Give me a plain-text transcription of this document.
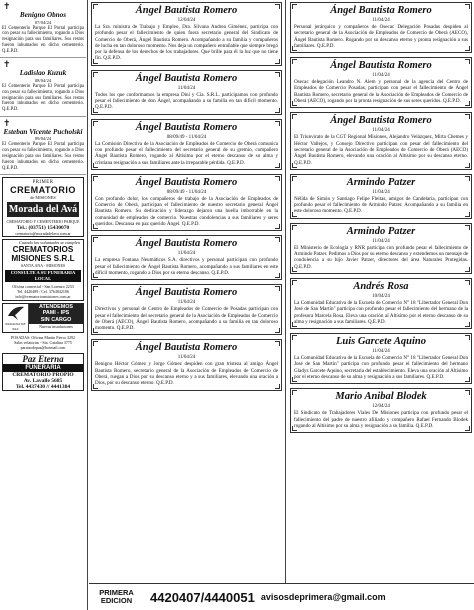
✝
Benigno Obnos
07/04/24
El Cementerio Parque El Portal participa con pesar su fallecimiento, rogando a Dios resignación para sus familiares. Sus restos fueron inhumados en dicho cementerio. Q.E.P.D.
✝
Ladislao Kuzuk
08/04/24
El Cementerio Parque El Portal participa con pesar su fallecimiento, rogando a Dios resignación para sus familiares. Sus restos fueron inhumados en dicho cementerio. Q.E.P.D.
✝
Esteban Vicente Pucholski
09/04/24
El Cementerio Parque El Portal participa con pesar su fallecimiento, rogando a Dios resignación para sus familiares. Sus restos fueron inhumados en dicho cementerio. Q.E.P.D.
PRIMER
CREMATORIO
de MISIONES
Morada del Avá
CREMATORIO Y CEMENTERIO PARQUE
Tel.: (03751) 15430070
crematorio@moradadelava.com.ar
Cuando las voluntades se cumplen
CREMATORIOS MISIONES S.R.L
SANTA ANA - MISIONES
CONSULTE A SU FUNERARIA LOCAL
Oficina comercial - San Lorenzo 2233
Tel. 4420489 / Cel. 3764842186
info@crematoriosmisiones.com.ar
PARAISO DE PAZ
ATENDEMOS
PAMI - IPS
SIN CARGO
Nuevas instalaciones
POSADAS: Oficina Martín Fierro 3292
Salas velatorias - Sta. Catalina 3775
paraisodepaz@hotmail.com
Paz Eterna
FUNERARIA
CREMATORIO PROPIO
Av. Lavalle 5685
Tel. 4437430 // 4441384
Ángel Bautista Romero
12/04/24
La Sra. ministra de Trabajo y Empleo, Dra. Silvana Andrea Giménez, participa con profundo pesar el fallecimiento de quien fuera secretario general del Sindicato de Comercio de Oberá, Ángel Bautista Romero. Acompañando a su familia y compañeros de lucha en tan doloroso momento. Nos deja un compañero entrañable que siempre bregó por la defensa de los derechos de los trabajadores. Que brille para él la luz que no tiene fin. Q.E.P.D.
Ángel Bautista Romero
11/04/24
Todos los que conformamos la empresa Dini y Cía. S.R.L. participamos con profundo pesar el fallecimiento de don Ángel, acompañando a su familia en tan difícil momento. Q.E.P.D.
Ángel Bautista Romero
08/09/49 - 11/04/24
La Comisión Directiva de la Asociación de Empleados de Comercio de Oberá comunica con profundo pesar el fallecimiento del secretario general de su gremio, compañero Ángel Bautista Romero, rogando al Altísimo por el eterno descanso de su alma y cristiana resignación a sus familiares ante la irreparable pérdida. Q.E.P.D.
Ángel Bautista Romero
08/09/49 - 11/04/24
Con profundo dolor, los compañeros de trabajo de la Asociación de Empleados de Comercio de Oberá, participan el fallecimiento de nuestro secretario general Ángel Bautista Romero. Su dedicación y liderazgo dejaron una huella imborrable en la comunidad de empleados de comercio. Nuestras condolencias a sus familiares y seres queridos. Descansa en paz querido Ángel. Q.E.P.D.
Ángel Bautista Romero
11/04/24
La empresa Fontana Neumáticos S.A. directivos y personal participan con profundo pesar el fallecimiento de Ángel Bautista Romero, acompañando a sus familiares en este difícil momento, rogando a Dios por su eterno descanso. Q.E.P.D.
Ángel Bautista Romero
11/04/24
Directivos y personal de Centro de Empleados de Comercio de Posadas participan con pesar el fallecimiento del secretario general de la Asociación de Empleados de Comercio de Oberá (AECO), Ángel Bautista Romero, acompañando a su familia en tan doloroso momento. Q.E.P.D.
Ángel Bautista Romero
11/04/24
Benigno Héctor Gómez y Jorge Gómez despiden con gran tristeza al amigo Ángel Bautista Romero, secretario general de la Asociación de Empleados de Comercio de Oberá, ruegan a Dios por su descanso eterno y a sus familiares, elevando una oración a Dios, por su descanso eterno. Q.E.P.D.
Ángel Bautista Romero
11/04/24
Personal jerárquico y compañeros de Osecac Delegación Posadas despiden al secretario general de la Asociación de Empleados de Comercio de Oberá (AECO), Ángel Bautista Romero. Rogando por su descanso eterno y pronta resignación a sus familiares. Q.E.P.D.
Ángel Bautista Romero
11/04/24
Osecac delegación Leandro N. Alem y personal de la agencia del Centro de Empleados de Comercio Posadas, participan con pesar el fallecimiento de Ángel Bautista Romero, secretario general de la Asociación de Empleados de Comercio de Oberá (AECO), rogando por la pronta resignación de sus seres queridos. Q.E.P.D.
Ángel Bautista Romero
11/04/24
El Triunvirato de la CGT Regional Misiones, Alejandro Velázquez, Mirta Chemes y Héctor Vallejos, y Consejo Directivo participan con pesar del fallecimiento del secretario general de la Asociación de Empleados de Comercio de Oberá (AECO) Ángel Bautista Romero, elevando una oración al Altísimo por su descanso eterno. Q.E.P.D.
Armindo Patzer
11/04/24
Nélida de Simón y Santiago Felipe Fleitas, amigos de Candelaria, participan con profundo pesar el fallecimiento de Armindo Patzer. Acompañando a su familia en este doloroso momento. Q.E.P.D.
Armindo Patzer
11/04/24
El Ministerio de Ecología y RNR participa con profundo pesar el fallecimiento de Armindo Patzer. Pedimos a Dios por su eterno descanso y extendemos un mensaje de condolencia a su hijo Javier Patzer, directores del área Naturales Protegidas. Q.E.P.D.
Andrés Rosa
10/04/24
La Comunidad Educativa de la Escuela de Comercio N° 18 "Libertador General Don José de San Martín" participa con profundo pesar el fallecimiento del hermano de la profesora Marcela Rosa. Eleva una oración al Altísimo por el eterno descanso de su alma y resignación a sus familiares. Q.E.P.D.
Luis Garcete Aquino
11/04/24
La Comunidad Educativa de la Escuela de Comercio N° 18 "Libertador General Don José de San Martín" participa con profundo pesar el fallecimiento del hermano Gladys Garcete Aquino, secretaria del establecimiento. Eleva una oración al Altísimo por el eterno descanso de su alma y resignación a sus familiares. Q.E.P.D.
Mario Anibal Blodek
12/04/24
El Sindicato de Trabajadores Viales De Misiones participa con profundo pesar el fallecimiento del padre de nuestro afiliado y compañero Rafael Fernando Blodek rogando al Altísimo por su alma y resignación a su familia. Q.E.P.D.
PRIMERA
EDICION	4420407/4440051 avisosdeprimera@gmail.com
